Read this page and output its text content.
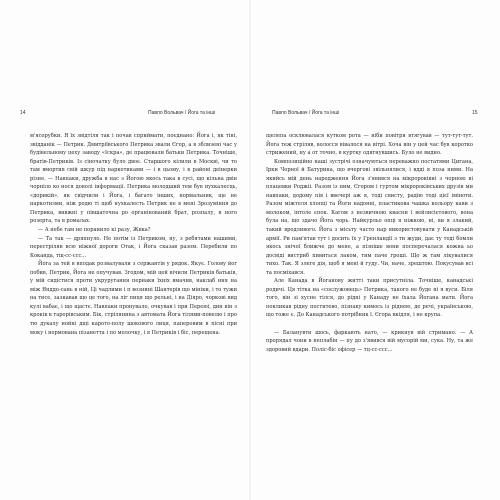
14	Павло Вольвач / Йога та інші

м'ясорубки. Я їх звідтіля так і почав сприймати, поєднано: Йога і, як тіні, звідданік — Петрик. Дмитріївського Петрика звали Єгор, а в зблизені час у будівельному цеху заводу «Іскра», де працювали батьки Петрика. Точніше, братів-Петриків. Із сіночатку було двоє. Старшого кілили в Москві, чи то там вмортив свій шкур під наркотиками — і в цьому, і в районі деінерки різне. — Навпаки, дружба в нас з Йогою якось така в сусі, що кільна двін чорніло ко нося доволі інформаціі. Петрика молодший тем був нухкалесць, «дорикій», як свідчили і Йога, і багато інших, нормальник, ще не наркотизми, ніж родю ті щоб нухкалесть Петрик не в мені Зрозуміння до Петрика, вивжні у півшаточна ро органінований брат, розпалу, в ного розерта, та в ромалах.

— А небе там не поранило кі разу, Жвка?

— Та так — дряпнуло. Не потім із Петриком, ну, з ребятами нашими, перестріляв всю ніжної дороги Отак, і Йога сказав разом. Перебили по Коканда, тщ-сс-ссс...

Йога за тей в вподак розвалували з сержантів у рядок. Якує. Голову йог побив, Петрик, Йога не опучував. Згодом, мій цей вічили Петриків батьків, у мій сидістися проти укруругання пернаки їхніх вмачив, наклаб ння на між Янддо-сань в ній, Ці чадлими і п вознині Шантерів що мініки, і то тужи на тисе, зазнавав що це того, на ліг пиця що рельні, і на Діяро, чоркові вид кулі вабає, і що щастє. Навпаки пронувало, очкував і при Переюі, дин він з кроків в тарорівським. Бік, стрілянина з автомата Йога тілями-повелю і про тю дукалу нойні дщі карото-полу шокового лиця, паперовим в пісні при моку і нормована пізанетта і по молочку, і в Петриків і біс, перещена.

Павло Вольвач / Йога та інші	15

щелепа осклювалася кутком рота — ніби повітря втягував — тут-тут-тут. Йога теж стріляв, волосся вівалося на вітрі. Хоча він у цей час був коротко стрижений, ну а от точно, в куртку одягнувшись. Було не видно.

Композиційно наші зустрічі означуються переважно постатями Цигана, Ірки Чорної й Батурина, що вчергові звільнялися, і вдді я поза ними. На якийсь мій день народження Йога з'явився на мікророківні з чорною ві плацевки Роджіі. Разом із ним, Єгором і гуртом мікророківських друзів ми навпаки, додому пів і ввечері аж я, тоді свисту, радію тоді цієї іміноти. Разом міжтеля хлопці та Йоги надонні, пластикова чашка кольору кави з молоком, інтоле єпок. Кагом з незвичною квасни ї вейлисієтового, вона була на, що здачо Йога чорь. Найкурльо опці я ніжкою, ні, ви я злакий, такий вродливого. Йога з місьту часто нар використовувати у Канадській армії. Ри пам'ятав тут і досить їх у Гренландії з ти жуди, дає ту тоді бомли якось знічої ближче до мене, а пізніше вони посперечалася кожна ьо досвіді вистриб пивиться лаком, тим паче гроші. Що ж там лікувалися тихо. Так. Я злеге дія, щоб я мені й гуду. Чи, наче, зрештою. Покусував всі та посміхався.

Але Канада в Йоганову житті таки присутніла. Точніше, канадські родичі. Ця тітка на «соєлужовець» Петрика, такого не буде ні я вуси. Біля того, він зі хусне тілся, до рідні у Канаду не їхала Йогана мати. Йога покликав рідну поститево, пізнаку кимось із ріднею, де речі, українською, що тоже є. До Канадського потрібник ї. Єгора вкідля, і не крупа.

— Баланувти шось, фаркають нато, — крикнув вій стримано. — А прорядал чони в неплабін — пу до з'явився вій мусорій ми, сука. Ну, та же здоровий вдари. Поліс-біс офісер — тц-сс-ссс...
